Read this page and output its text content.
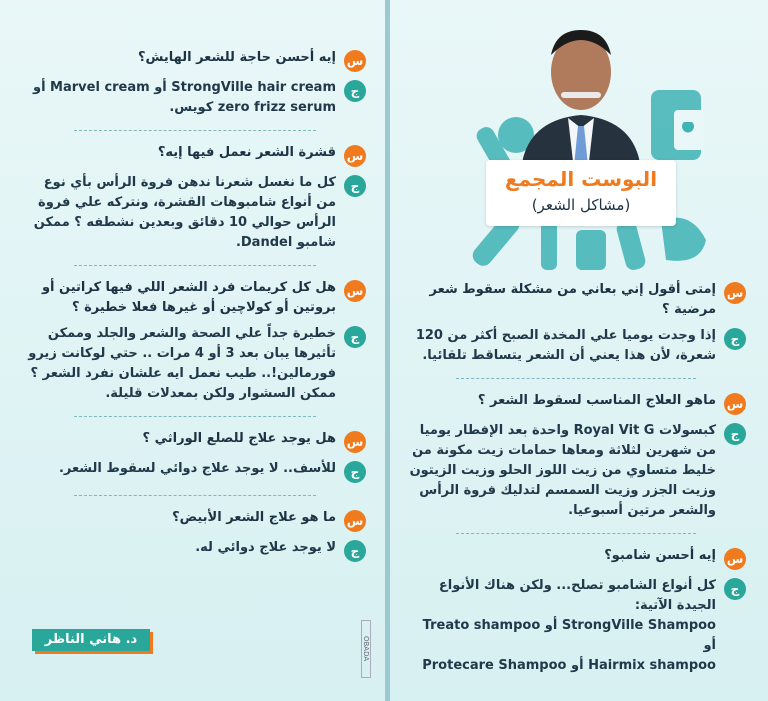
س
إيه أحسن حاجة للشعر الهايش؟
ج
StrongVille hair cream أو Marvel cream أو zero frizz serum كويس.
س
قشرة الشعر نعمل فيها إيه؟
ج
كل ما نغسل شعرنا ندهن فروة الرأس بأي نوع من أنواع شامبوهات القشرة، ونتركه علي فروة الرأس حوالي 10 دقائق وبعدين نشطفه ؟ ممكن شامبو Dandel.
س
هل كل كريمات فرد الشعر اللي فيها كراتين أو بروتين أو كولاچين أو غيرها فعلا خطيرة ؟
ج
خطيرة جداً علي الصحة والشعر والجلد وممكن تأثيرها يبان بعد 3 أو 4 مرات .. حتي لوكانت زيرو فورمالين!.. طيب نعمل ايه علشان نفرد الشعر ؟ ممكن السشوار ولكن بمعدلات قليلة.
س
هل يوجد علاج للصلع الوراثي ؟
ج
للأسف.. لا يوجد علاج دوائي لسقوط الشعر.
س
ما هو علاج الشعر الأبيض؟
ج
لا يوجد علاج دوائي له.
د. هاني الناظر	OBADA
البوست المجمع
(مشاكل الشعر)
س
إمتى أقول إني بعاني من مشكلة سقوط شعر مرضية ؟
ج
إذا وجدت يوميا علي المخدة الصبح أكثر من 120 شعرة، لأن هذا يعني أن الشعر يتساقط تلقائيا.
س
ماهو العلاج المناسب لسقوط الشعر ؟
ج
كبسولات Royal Vit G واحدة بعد الإفطار يوميا من شهرين لثلاثة ومعاها حمامات زيت مكونة من خليط متساوي من زيت اللوز الحلو وزيت الزيتون وزيت الجزر وزيت السمسم لتدليك فروة الرأس والشعر مرتين أسبوعيا.
س
إيه أحسن شامبو؟
ج
كل أنواع الشامبو تصلح... ولكن هناك الأنواع الجيدة الآتية:
StrongVille Shampoo أو Treato shampoo أو
Hairmix shampoo أو Protecare Shampoo
